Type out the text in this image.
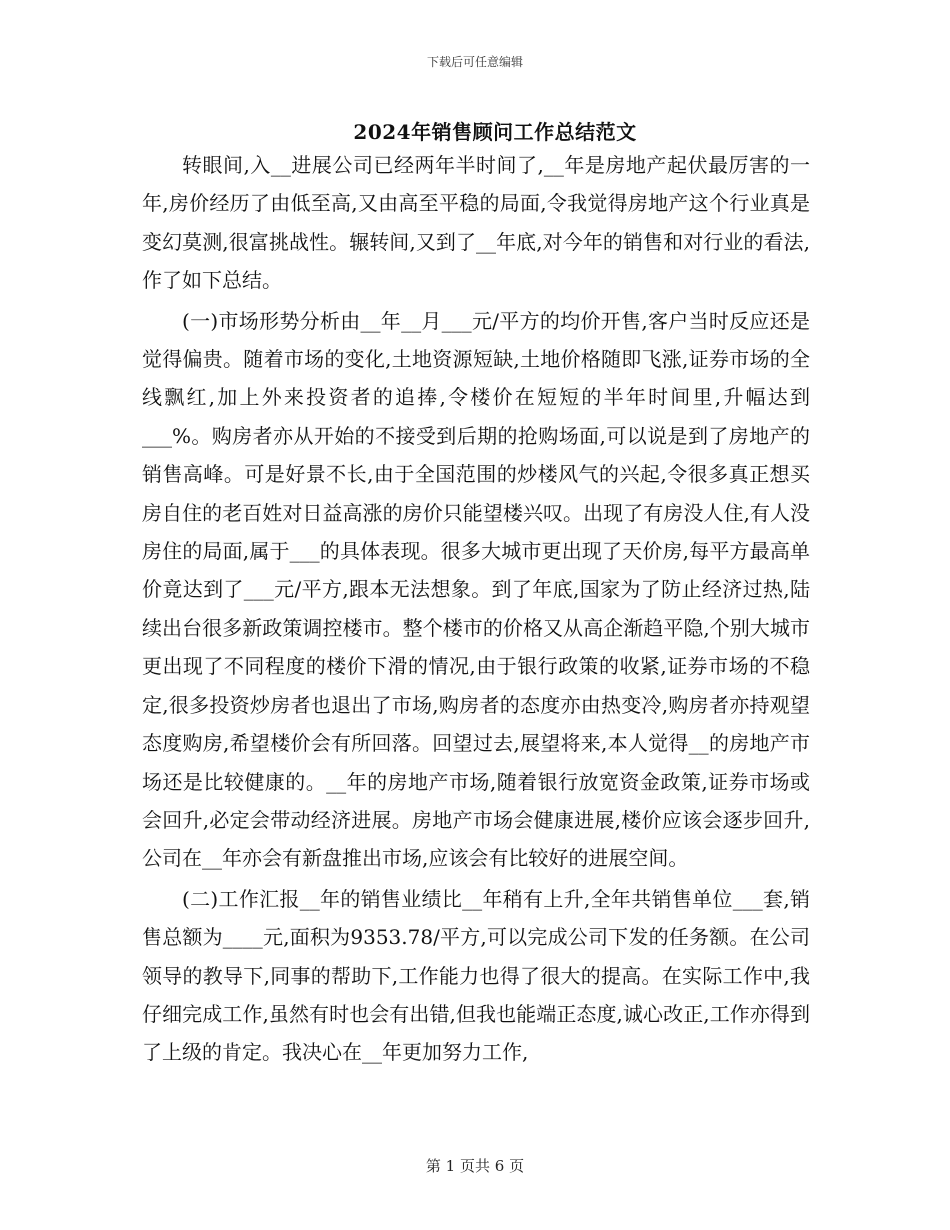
下载后可任意编辑
2024年销售顾问工作总结范文

转眼间,入__进展公司已经两年半时间了,__年是房地产起伏最厉害的一年,房价经历了由低至高,又由高至平稳的局面,令我觉得房地产这个行业真是变幻莫测,很富挑战性。辗转间,又到了__年底,对今年的销售和对行业的看法,作了如下总结。

(一)市场形势分析由__年__月___元/平方的均价开售,客户当时反应还是觉得偏贵。随着市场的变化,土地资源短缺,土地价格随即飞涨,证券市场的全线飘红,加上外来投资者的追捧,令楼价在短短的半年时间里,升幅达到___%。购房者亦从开始的不接受到后期的抢购场面,可以说是到了房地产的销售高峰。可是好景不长,由于全国范围的炒楼风气的兴起,令很多真正想买房自住的老百姓对日益高涨的房价只能望楼兴叹。出现了有房没人住,有人没房住的局面,属于___的具体表现。很多大城市更出现了天价房,每平方最高单价竟达到了___元/平方,跟本无法想象。到了年底,国家为了防止经济过热,陆续出台很多新政策调控楼市。整个楼市的价格又从高企渐趋平隐,个别大城市更出现了不同程度的楼价下滑的情况,由于银行政策的收紧,证券市场的不稳定,很多投资炒房者也退出了市场,购房者的态度亦由热变冷,购房者亦持观望态度购房,希望楼价会有所回落。回望过去,展望将来,本人觉得__的房地产市场还是比较健康的。__年的房地产市场,随着银行放宽资金政策,证券市场或会回升,必定会带动经济进展。房地产市场会健康进展,楼价应该会逐步回升,公司在__年亦会有新盘推出市场,应该会有比较好的进展空间。

(二)工作汇报__年的销售业绩比__年稍有上升,全年共销售单位___套,销售总额为____元,面积为9353.78/平方,可以完成公司下发的任务额。在公司领导的教导下,同事的帮助下,工作能力也得了很大的提高。在实际工作中,我仔细完成工作,虽然有时也会有出错,但我也能端正态度,诚心改正,工作亦得到了上级的肯定。我决心在__年更加努力工作,

第 1 页共 6 页
